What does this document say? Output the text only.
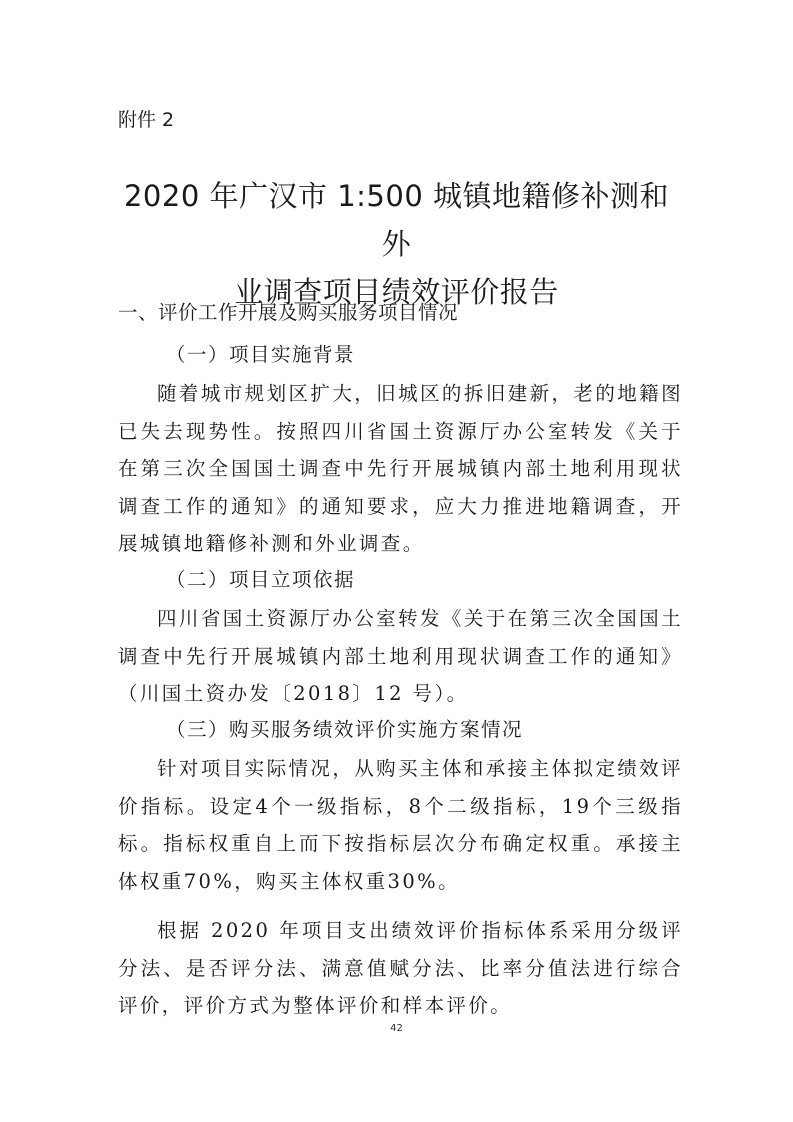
附件 2

2020 年广汉市 1:500 城镇地籍修补测和外
业调查项目绩效评价报告
一、评价工作开展及购买服务项目情况
（一）项目实施背景

随着城市规划区扩大，旧城区的拆旧建新，老的地籍图已失去现势性。按照四川省国土资源厅办公室转发《关于在第三次全国国土调查中先行开展城镇内部土地利用现状调查工作的通知》的通知要求，应大力推进地籍调查，开展城镇地籍修补测和外业调查。

（二）项目立项依据

四川省国土资源厅办公室转发《关于在第三次全国国土调查中先行开展城镇内部土地利用现状调查工作的通知》（川国土资办发〔2018〕12 号）。

（三）购买服务绩效评价实施方案情况

针对项目实际情况，从购买主体和承接主体拟定绩效评价指标。设定4个一级指标，8个二级指标，19个三级指标。指标权重自上而下按指标层次分布确定权重。承接主体权重70%，购买主体权重30%。

根据 2020 年项目支出绩效评价指标体系采用分级评分法、是否评分法、满意值赋分法、比率分值法进行综合评价，评价方式为整体评价和样本评价。

42
